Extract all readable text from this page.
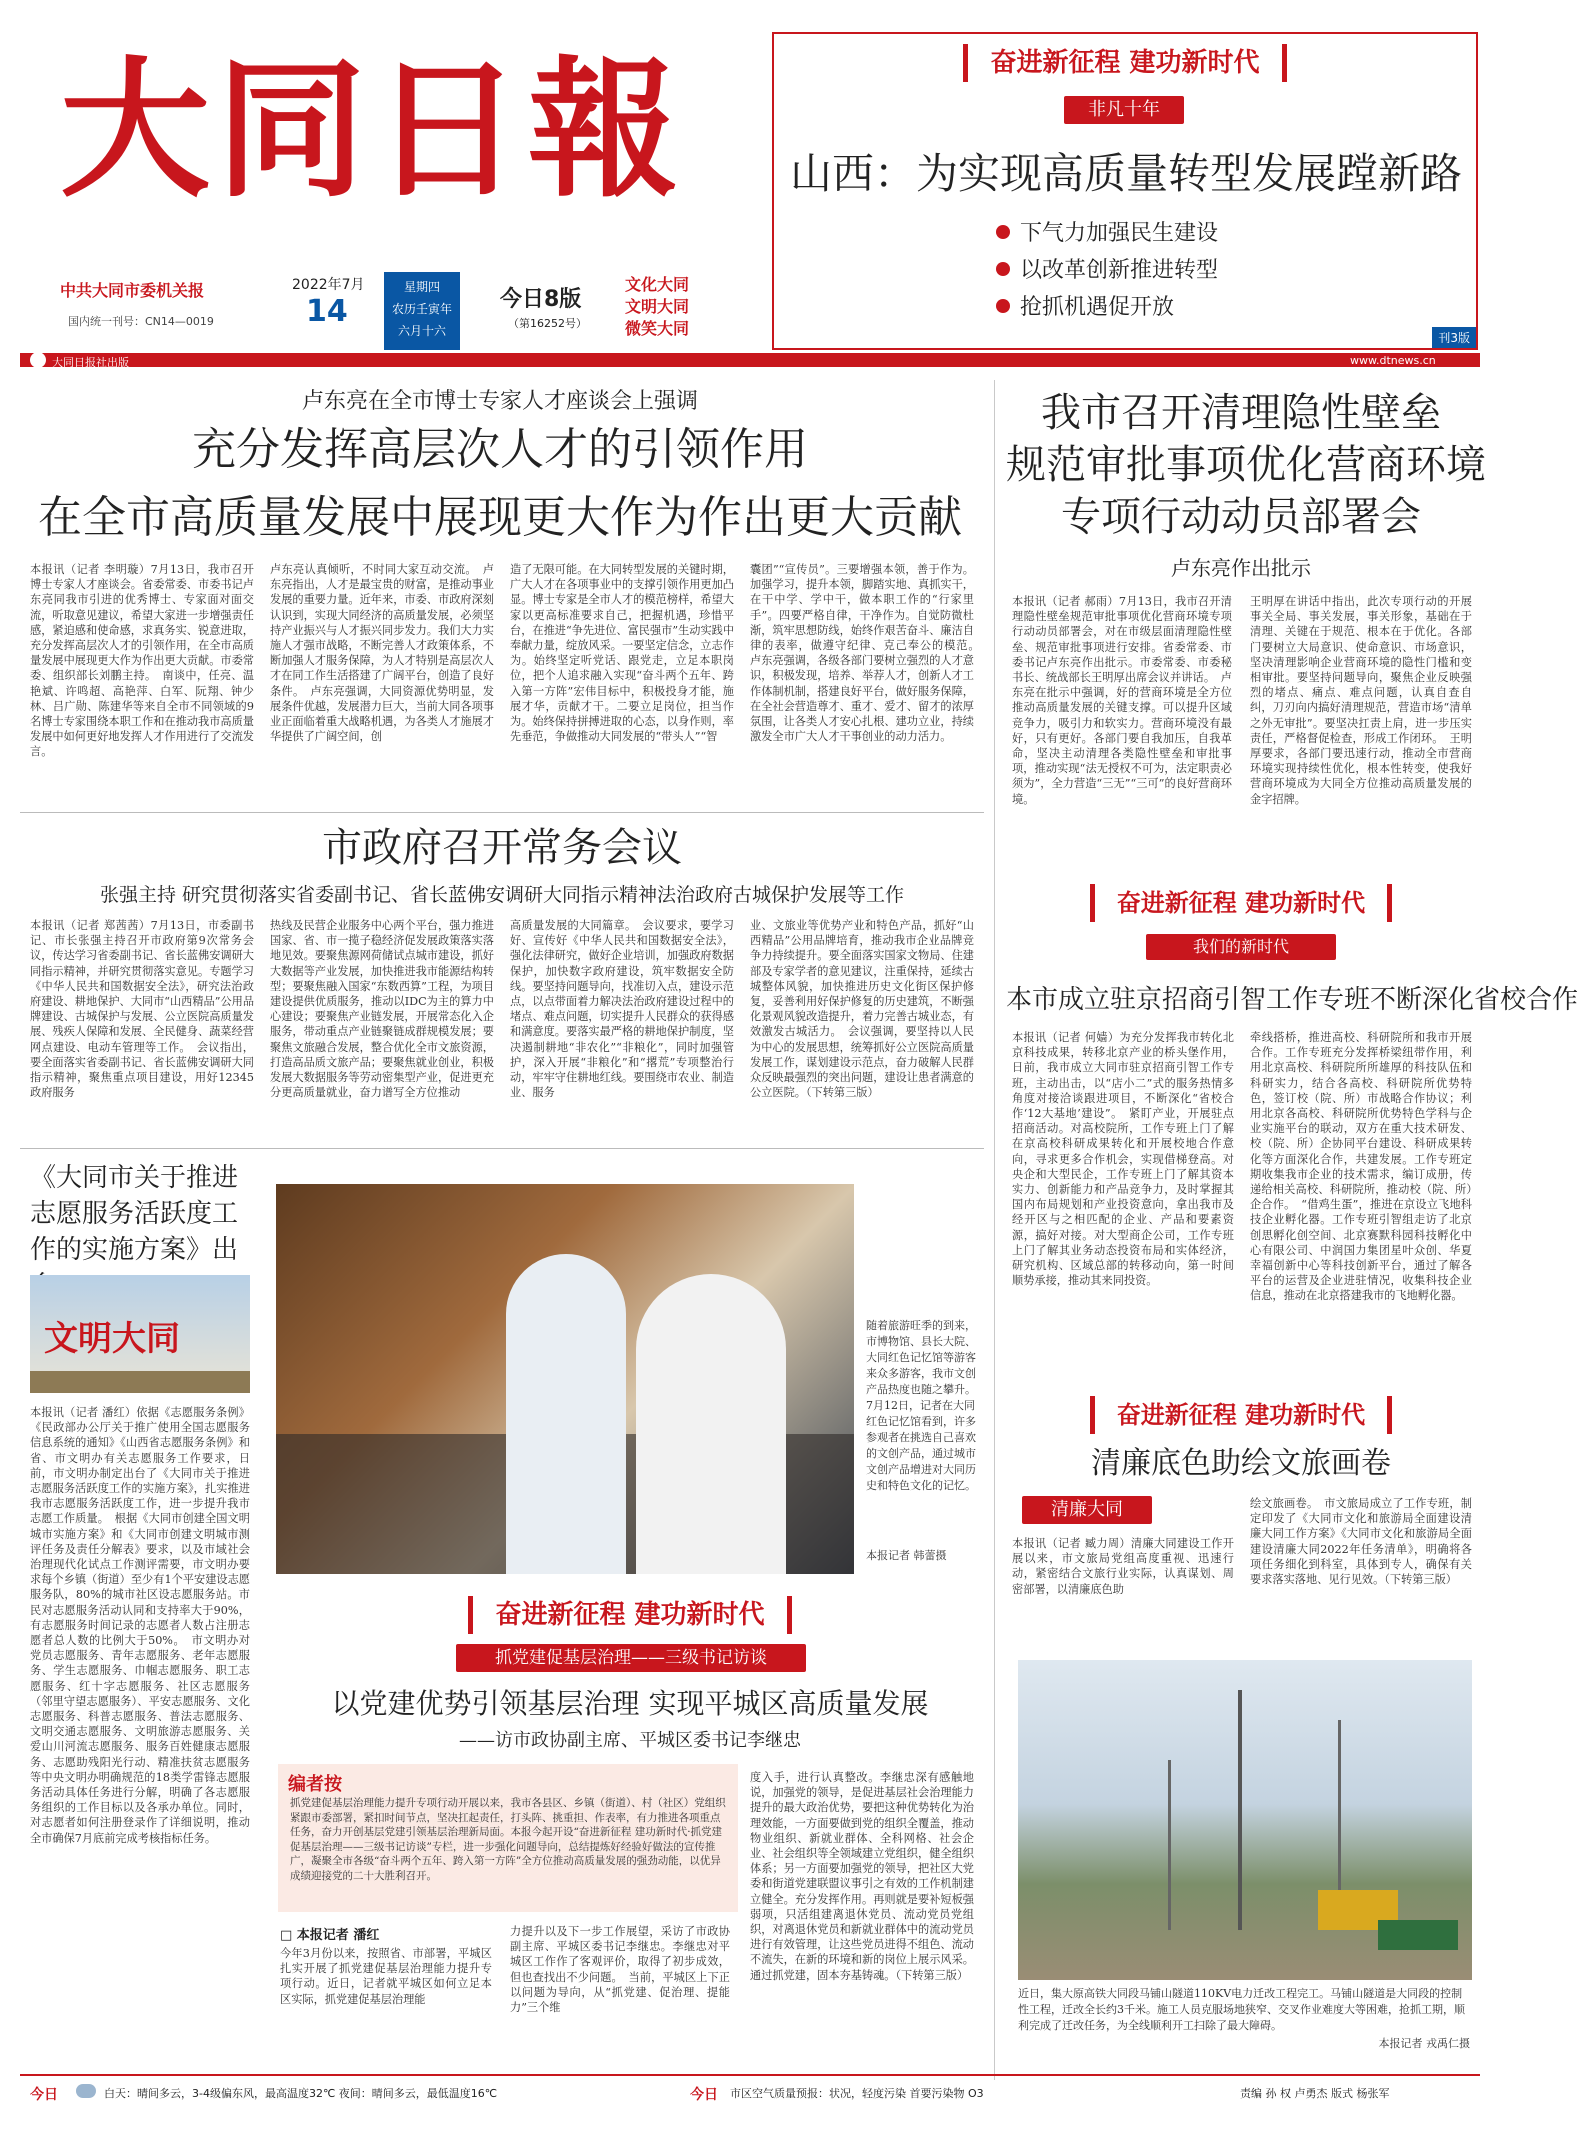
大同日報
中共大同市委机关报
国内统一刊号：CN14—0019
2022年7月
14
星期四
农历壬寅年
六月十六
今日8版
（第16252号）
文化大同
文明大同
微笑大同
大同日报社出版	www.dtnews.cn
奋进新征程 建功新时代
非凡十年
山西：为实现高质量转型发展蹚新路
下气力加强民生建设
以改革创新推进转型
抢抓机遇促开放
刊3版
卢东亮在全市博士专家人才座谈会上强调
充分发挥高层次人才的引领作用
在全市高质量发展中展现更大作为作出更大贡献
本报讯（记者 李明璇）7月13日，我市召开博士专家人才座谈会。省委常委、市委书记卢东亮同我市引进的优秀博士、专家面对面交流，听取意见建议，希望大家进一步增强责任感，紧迫感和使命感，求真务实、锐意进取，充分发挥高层次人才的引领作用，在全市高质量发展中展现更大作为作出更大贡献。市委常委、组织部长刘鹏主持。　南谈中，任亮、温艳斌、许鸣超、高艳萍、白军、阮翔、钟少林、吕广勋、陈建华等来自全市不同领域的9名博士专家围绕本职工作和在推动我市高质量发展中如何更好地发挥人才作用进行了交流发言。
卢东亮认真倾听，不时同大家互动交流。　卢东亮指出，人才是最宝贵的财富，是推动事业发展的重要力量。近年来，市委、市政府深刻认识到，实现大同经济的高质量发展，必须坚持产业振兴与人才振兴同步发力。我们大力实施人才强市战略，不断完善人才政策体系，不断加强人才服务保障，为人才特别是高层次人才在同工作生活搭建了广阔平台，创造了良好条件。　卢东亮强调，大同资源优势明显，发展条件优越，发展潜力巨大，当前大同各项事业正面临着重大战略机遇，为各类人才施展才华提供了广阔空间，创
造了无限可能。在大同转型发展的关键时期，广大人才在各项事业中的支撑引领作用更加凸显。博士专家是全市人才的模范榜样，希望大家以更高标准要求自己，把握机遇，珍惜平台，在推进“争先进位、富民强市”生动实践中奉献力量，绽放风采。一要坚定信念，立志作为。始终坚定听党话、跟党走，立足本职岗位，把个人追求融入实现“奋斗两个五年、跨入第一方阵”宏伟目标中，积极投身才能，施展才华，贡献才干。二要立足岗位，担当作为。始终保持拼搏进取的心态，以身作则，率先垂范，争做推动大同发展的“带头人”“智
囊团”“宣传员”。三要增强本领，善于作为。加强学习，提升本领，脚踏实地、真抓实干，在干中学、学中干，做本职工作的“行家里手”。四要严格自律，干净作为。自觉防微杜渐，筑牢思想防线，始终作艰苦奋斗、廉洁自律的表率，做遵守纪律、克己奉公的模范。　卢东亮强调，各级各部门要树立强烈的人才意识，积极发现，培养、举荐人才，创新人才工作体制机制，搭建良好平台，做好服务保障，在全社会营造尊才、重才、爱才、留才的浓厚氛围，让各类人才安心扎根、建功立业，持续激发全市广大人才干事创业的动力活力。
我市召开清理隐性壁垒
规范审批事项优化营商环境
专项行动动员部署会
卢东亮作出批示
本报讯（记者 郝雨）7月13日，我市召开清理隐性壁垒规范审批事项优化营商环境专项行动动员部署会，对在市级层面清理隐性壁垒、规范审批事项进行安排。省委常委、市委书记卢东亮作出批示。市委常委、市委秘书长、统战部长王明厚出席会议并讲话。　卢东亮在批示中强调，好的营商环境是全方位推动高质量发展的关键支撑。可以提升区域竞争力，吸引力和软实力。营商环境没有最好，只有更好。各部门要自我加压，自我革命，坚决主动清理各类隐性壁垒和审批事项，推动实现“法无授权不可为，法定职责必须为”，全力营造“三无”“三可”的良好营商环境。
王明厚在讲话中指出，此次专项行动的开展事关全局、事关发展，事关形象，基础在于清理、关键在于规范、根本在于优化。各部门要树立大局意识、使命意识、市场意识，坚决清理影响企业营商环境的隐性门槛和变相审批。要坚持问题导向，聚焦企业反映强烈的堵点、痛点、难点问题，认真自查自纠，刀刃向内搞好清理规范，营造市场“清单之外无审批”。要坚决扛责上肩，进一步压实责任，严格督促检查，形成工作闭环。　王明厚要求，各部门要迅速行动，推动全市营商环境实现持续性优化，根本性转变，使我好营商环境成为大同全方位推动高质量发展的金字招牌。
市政府召开常务会议
张强主持 研究贯彻落实省委副书记、省长蓝佛安调研大同指示精神法治政府古城保护发展等工作
本报讯（记者 郑茜茜）7月13日，市委副书记、市长张强主持召开市政府第9次常务会议，传达学习省委副书记、省长蓝佛安调研大同指示精神，并研究贯彻落实意见。专题学习《中华人民共和国数据安全法》，研究法治政府建设、耕地保护、大同市“山西精品”公用品牌建设、古城保护与发展、公立医院高质量发展、残疾人保障和发展、全民健身、蔬菜经营网点建设、电动车管理等工作。　会议指出，要全面落实省委副书记、省长蓝佛安调研大同指示精神，聚焦重点项目建设，用好12345政府服务
热线及民营企业服务中心两个平台，强力推进国家、省、市一揽子稳经济促发展政策落实落地见效。要聚焦源网荷储试点城市建设，抓好大数据等产业发展，加快推进我市能源结构转型；要聚焦融入国家“东数西算”工程，为项目建设提供优质服务，推动以IDC为主的算力中心建设；要聚焦产业链发展，开展常态化入企服务，带动重点产业链聚链成群规模发展；要聚焦文旅融合发展，整合优化全市文旅资源，打造高品质文旅产品；要聚焦就业创业，积极发展大数据服务等劳动密集型产业，促进更充分更高质量就业，奋力谱写全方位推动
高质量发展的大同篇章。　会议要求，要学习好、宣传好《中华人民共和国数据安全法》，强化法律研究，做好企业培训，加强政府数据保护，加快数字政府建设，筑牢数据安全防线。要坚持问题导向，找准切入点，建设示范点，以点带面着力解决法治政府建设过程中的堵点、难点问题，切实提升人民群众的获得感和满意度。要落实最严格的耕地保护制度，坚决遏制耕地“非农化”“非粮化”，同时加强管护，深入开展“非粮化”和“撂荒”专项整治行动，牢牢守住耕地红线。要围绕市农业、制造业、服务
业、文旅业等优势产业和特色产品，抓好“山西精品”公用品牌培育，推动我市企业品牌竞争力持续提升。要全面落实国家文物局、住建部及专家学者的意见建议，注重保持，延续古城整体风貌，加快推进历史文化街区保护修复，妥善利用好保护修复的历史建筑，不断强化景观风貌改造提升，着力完善古城业态，有效激发古城活力。　会议强调，要坚持以人民为中心的发展思想，统筹抓好公立医院高质量发展工作，谋划建设示范点，奋力破解人民群众反映最强烈的突出问题，建设让患者满意的公立医院。（下转第三版）
奋进新征程 建功新时代
我们的新时代
本市成立驻京招商引智工作专班不断深化省校合作
本报讯（记者 何嫱）为充分发挥我市转化北京科技成果，转移北京产业的桥头堡作用，日前，我市成立大同市驻京招商引智工作专班，主动出击，以“店小二”式的服务热情多角度对接洽谈跟进项目，不断深化“省校合作‘12大基地’建设”。　紧盯产业，开展驻点招商活动。对高校院所，工作专班上门了解在京高校科研成果转化和开展校地合作意向，寻求更多合作机会，实现借梯登高。对央企和大型民企，工作专班上门了解其资本实力、创新能力和产品竞争力，及时掌握其国内布局规划和产业投资意向，拿出我市及经开区与之相匹配的企业、产品和要素资源，搞好对接。对大型商企公司，工作专班上门了解其业务动态投资布局和实体经济，研究机构、区域总部的转移动向，第一时间顺势承接，推动其来同投资。
牵线搭桥，推进高校、科研院所和我市开展合作。工作专班充分发挥桥梁纽带作用，利用北京高校、科研院所所雄厚的科技队伍和科研实力，结合各高校、科研院所优势特色，签订校（院、所）市战略合作协议；利用北京各高校、科研院所优势特色学科与企业实施平台的联动，双方在重大技术研发、校（院、所）企协同平台建设、科研成果转化等方面深化合作，共建发展。工作专班定期收集我市企业的技术需求，编订成册，传递给相关高校、科研院所，推动校（院、所）企合作。　“借鸡生蛋”，推进在京设立飞地科技企业孵化器。工作专班引智组走访了北京创思孵化创空间、北京赛默科园科技孵化中心有限公司、中润国力集团星叶众创、华夏幸福创新中心等科技创新平台，通过了解各平台的运营及企业进驻情况，收集科技企业信息，推动在北京搭建我市的飞地孵化器。
《大同市关于推进志愿服务活跃度工作的实施方案》出
文明大同
本报讯（记者 潘红）依据《志愿服务条例》《民政部办公厅关于推广使用全国志愿服务信息系统的通知》《山西省志愿服务条例》和省、市文明办有关志愿服务工作要求，日前，市文明办制定出台了《大同市关于推进志愿服务活跃度工作的实施方案》，扎实推进我市志愿服务活跃度工作，进一步提升我市志愿工作质量。　根据《大同市创建全国文明城市实施方案》和《大同市创建文明城市测评任务及责任分解表》要求，以及市域社会治理现代化试点工作测评需要，市文明办要求每个乡镇（街道）至少有1个平安建设志愿服务队，80%的城市社区设志愿服务站。市民对志愿服务活动认同和支持率大于90%，有志愿服务时间记录的志愿者人数占注册志愿者总人数的比例大于50%。　市文明办对党员志愿服务、青年志愿服务、老年志愿服务、学生志愿服务、巾帼志愿服务、职工志愿服务、红十字志愿服务、社区志愿服务（邻里守望志愿服务）、平安志愿服务、文化志愿服务、科普志愿服务、普法志愿服务、文明交通志愿服务、文明旅游志愿服务、关爱山川河流志愿服务、服务百姓健康志愿服务、志愿助残阳光行动、精准扶贫志愿服务等中央文明办明确规范的18类学雷锋志愿服务活动具体任务进行分解，明确了各志愿服务组织的工作目标以及各承办单位。同时，对志愿者如何注册登录作了详细说明，推动全市确保7月底前完成考核指标任务。
随着旅游旺季的到来，市博物馆、县长大院、大同红色记忆馆等游客来众多游客，我市文创产品热度也随之攀升。7月12日，记者在大同红色记忆馆看到，许多参观者在挑选自己喜欢的文创产品，通过城市文创产品增进对大同历史和特色文化的记忆。
本报记者 韩蕾摄
奋进新征程 建功新时代
抓党建促基层治理——三级书记访谈
以党建优势引领基层治理 实现平城区高质量发展
——访市政协副主席、平城区委书记李继忠
编者按
抓党建促基层治理能力提升专项行动开展以来，我市各县区、乡镇（街道）、村（社区）党组织紧跟市委部署，紧扣时间节点，坚决扛起责任，打头阵、挑重担、作表率，有力推进各项重点任务，奋力开创基层党建引领基层治理新局面。本报今起开设“奋进新征程 建功新时代·抓党建促基层治理——三级书记访谈”专栏，进一步强化问题导向，总结提炼好经验好做法的宣传推广，凝聚全市各级“奋斗两个五年、跨入第一方阵”全方位推动高质量发展的强劲动能，以优异成绩迎接党的二十大胜利召开。
□ 本报记者 潘红
今年3月份以来，按照省、市部署，平城区扎实开展了抓党建促基层治理能力提升专项行动。近日，记者就平城区如何立足本区实际，抓党建促基层治理能
力提升以及下一步工作展望，采访了市政协副主席、平城区委书记李继忠。李继忠对平城区工作作了客观评价，取得了初步成效，但也查找出不少问题。　当前，平城区上下正以问题为导向，从“抓党建、促治理、提能力”三个维
度入手，进行认真整改。李继忠深有感触地说，加强党的领导，是促进基层社会治理能力提升的最大政治优势，要把这种优势转化为治理效能，一方面要做到党的组织全覆盖，推动物业组织、新就业群体、全科网格、社会企业、社会组织等全领域建立党组织，健全组织体系；另一方面要加强党的领导，把社区大党委和街道党建联盟议事引之有效的工作机制建立健全。充分发挥作用。再则就是要补短板强弱项，只活组建离退休党员、流动党员党组织，对离退休党员和新就业群体中的流动党员进行有效管理，让这些党员进得不组色、流动不流失，在新的环境和新的岗位上展示风采。通过抓党建，固本夯基铸魂。（下转第三版）
奋进新征程 建功新时代
清廉底色助绘文旅画卷
清廉大同
本报讯（记者 臧力周）清廉大同建设工作开展以来，市文旅局党组高度重视、迅速行动，紧密结合文旅行业实际，认真谋划、周密部署，以清廉底色助
绘文旅画卷。　市文旅局成立了工作专班，制定印发了《大同市文化和旅游局全面建设清廉大同工作方案》《大同市文化和旅游局全面建设清廉大同2022年任务清单》，明确将各项任务细化到科室，具体到专人，确保有关要求落实落地、见行见效。（下转第三版）
近日，集大原高铁大同段马铺山隧道110KV电力迁改工程完工。马铺山隧道是大同段的控制性工程，迁改全长约3千米。施工人员克服场地狭窄、交叉作业难度大等困难，抢抓工期，顺利完成了迁改任务，为全线顺利开工扫除了最大障碍。
本报记者 戎禹仁摄
今日	白天：晴间多云，3-4级偏东风，最高温度32℃ 夜间：晴间多云，最低温度16℃	今日 市区空气质量预报：状况，轻度污染 首要污染物 O3	责编 孙 权 卢勇杰 版式 杨张军
